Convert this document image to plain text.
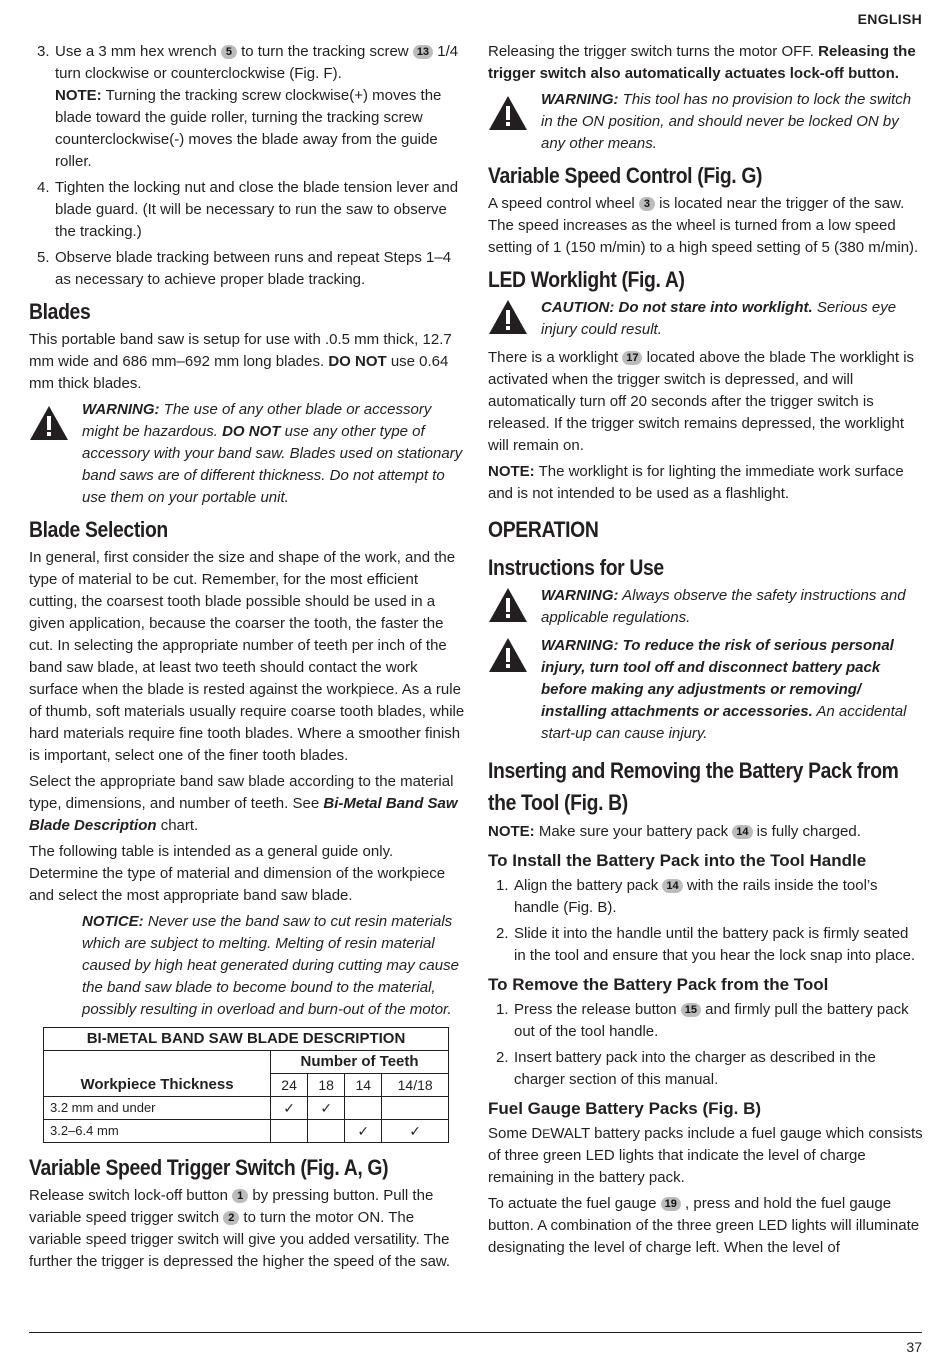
ENGLISH
3. Use a 3 mm hex wrench 5 to turn the tracking screw 13 1/4 turn clockwise or counterclockwise (Fig. F).
NOTE: Turning the tracking screw clockwise(+) moves the blade toward the guide roller, turning the tracking screw counterclockwise(-) moves the blade away from the guide roller.
4. Tighten the locking nut and close the blade tension lever and blade guard. (It will be necessary to run the saw to observe the tracking.)
5. Observe blade tracking between runs and repeat Steps 1–4 as necessary to achieve proper blade tracking.
Blades

This portable band saw is setup for use with .0.5 mm thick, 12.7 mm wide and 686 mm–692 mm long blades. DO NOT use 0.64 mm thick blades.

WARNING: The use of any other blade or accessory might be hazardous. DO NOT use any other type of accessory with your band saw. Blades used on stationary band saws are of different thickness. Do not attempt to use them on your portable unit.
Blade Selection

In general, first consider the size and shape of the work, and the type of material to be cut. Remember, for the most efficient cutting, the coarsest tooth blade possible should be used in a given application, because the coarser the tooth, the faster the cut. In selecting the appropriate number of teeth per inch of the band saw blade, at least two teeth should contact the work surface when the blade is rested against the workpiece. As a rule of thumb, soft materials usually require coarse tooth blades, while hard materials require fine tooth blades. Where a smoother finish is important, select one of the finer tooth blades.

Select the appropriate band saw blade according to the material type, dimensions, and number of teeth. See Bi-Metal Band Saw Blade Description chart.

The following table is intended as a general guide only. Determine the type of material and dimension of the workpiece and select the most appropriate band saw blade.

NOTICE: Never use the band saw to cut resin materials which are subject to melting. Melting of resin material caused by high heat generated during cutting may cause the band saw blade to become bound to the material, possibly resulting in overload and burn-out of the motor.
BI-METAL BAND SAW BLADE DESCRIPTION				
	Number of Teeth			
Workpiece Thickness	24	18	14	14/18
3.2 mm and under	✓	✓		
3.2–6.4 mm			✓	✓
Variable Speed Trigger Switch (Fig. A, G)

Release switch lock-off button 1 by pressing button. Pull the variable speed trigger switch 2 to turn the motor ON. The variable speed trigger switch will give you added versatility. The further the trigger is depressed the higher the speed of the saw.

Releasing the trigger switch turns the motor OFF. Releasing the trigger switch also automatically actuates lock-off button.

WARNING: This tool has no provision to lock the switch in the ON position, and should never be locked ON by any other means.
Variable Speed Control (Fig. G)

A speed control wheel 3 is located near the trigger of the saw. The speed increases as the wheel is turned from a low speed setting of 1 (150 m/min) to a high speed setting of 5 (380 m/min).

LED Worklight (Fig. A)
CAUTION: Do not stare into worklight. Serious eye injury could result.

There is a worklight 17 located above the blade The worklight is activated when the trigger switch is depressed, and will automatically turn off 20 seconds after the trigger switch is released. If the trigger switch remains depressed, the worklight will remain on.

NOTE: The worklight is for lighting the immediate work surface and is not intended to be used as a flashlight.

OPERATION
Instructions for Use
WARNING: Always observe the safety instructions and applicable regulations.
WARNING: To reduce the risk of serious personal injury, turn tool off and disconnect battery pack before making any adjustments or removing/ installing attachments or accessories. An accidental start-up can cause injury.
Inserting and Removing the Battery Pack from the Tool (Fig. B)

NOTE: Make sure your battery pack 14 is fully charged.

To Install the Battery Pack into the Tool Handle
1. Align the battery pack 14 with the rails inside the tool’s handle (Fig. B).
2. Slide it into the handle until the battery pack is firmly seated in the tool and ensure that you hear the lock snap into place.
To Remove the Battery Pack from the Tool
1. Press the release button 15 and firmly pull the battery pack out of the tool handle.
2. Insert battery pack into the charger as described in the charger section of this manual.
Fuel Gauge Battery Packs (Fig. B)

Some DEWALT battery packs include a fuel gauge which consists of three green LED lights that indicate the level of charge remaining in the battery pack.

To actuate the fuel gauge 19 , press and hold the fuel gauge button. A combination of the three green LED lights will illuminate designating the level of charge left. When the level of

37
